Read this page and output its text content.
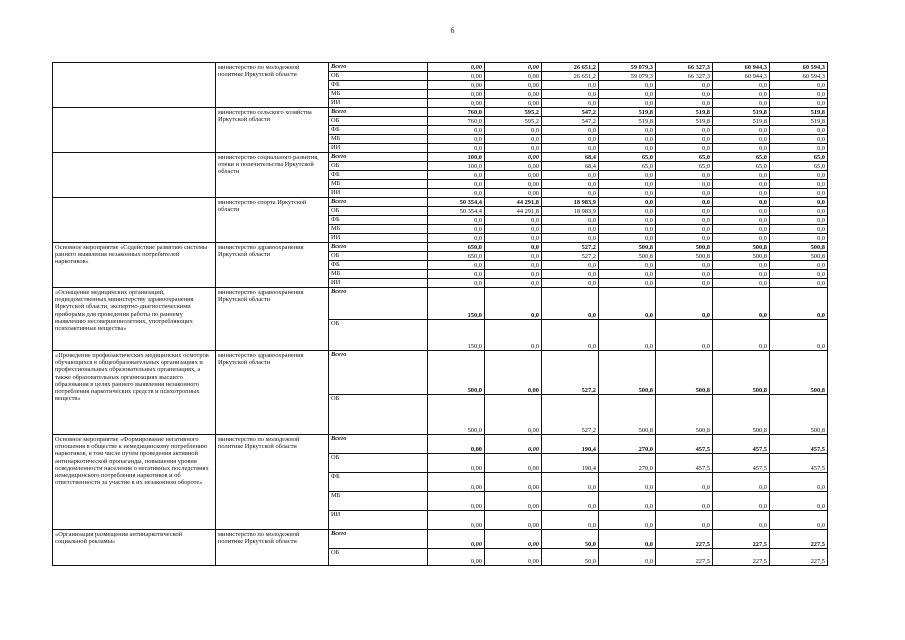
6
	министерство по молодежной политике Иркутской области	Всего	0,00	0,00	26 651,2	59 079,3	66 327,3	60 944,3	60 594,3
		ОБ	0,00	0,00	26 651,2	59 079,3	66 327,3	60 944,3	60 594,3
		ФБ	0,00	0,00	0,0	0,0	0,0	0,0	0,0
		МБ	0,00	0,00	0,0	0,0	0,0	0,0	0,0
		ИИ	0,00	0,00	0,0	0,0	0,0	0,0	0,0
	министерство сельского хозяйства Иркутской области	Всего	760,0	595,2	547,2	519,8	519,8	519,8	519,8
		ОБ	760,0	595,2	547,2	519,8	519,8	519,8	519,8
		ФБ	0,0	0,0	0,0	0,0	0,0	0,0	0,0
		МБ	0,0	0,0	0,0	0,0	0,0	0,0	0,0
		ИИ	0,0	0,0	0,0	0,0	0,0	0,0	0,0
	министерство социального развития, опеки и попечительства Иркутской области	Всего	100,0	0,00	68,4	65,0	65,0	65,0	65,0
		ОБ	100,0	0,00	68,4	65,0	65,0	65,0	65,0
		ФБ	0,0	0,00	0,0	0,0	0,0	0,0	0,0
		МБ	0,0	0,00	0,0	0,0	0,0	0,0	0,0
		ИИ	0,0	0,00	0,0	0,0	0,0	0,0	0,0
	министерство спорта Иркутской области	Всего	50 354,4	44 291,8	18 983,9	0,0	0,0	0,0	0,0
		ОБ	50 354,4	44 291,8	18 983,9	0,0	0,0	0,0	0,0
		ФБ	0,0	0,0	0,0	0,0	0,0	0,0	0,0
		МБ	0,0	0,0	0,0	0,0	0,0	0,0	0,0
		ИИ	0,0	0,0	0,0	0,0	0,0	0,0	0,0
Основное мероприятие «Содействие развитию системы раннего выявления незаконных потребителей наркотиков»	министерство здравоохранения Иркутской области	Всего	650,0	0,0	527,2	500,8	500,8	500,8	500,8
		ОБ	650,0	0,0	527,2	500,8	500,8	500,8	500,8
		ФБ	0,0	0,0	0,0	0,0	0,0	0,0	0,0
		МБ	0,0	0,0	0,0	0,0	0,0	0,0	0,0
		ИИ	0,0	0,0	0,0	0,0	0,0	0,0	0,0
«Оснащение медицинских организаций, подведомственных министерству здравоохранения Иркутской области, экспертно-диагностическими приборами для проведения работы по раннему выявлению несовершеннолетних, употребляющих психоактивные вещества»	министерство здравоохранения Иркутской области	Всего	150,0	0,0	0,0	0,0	0,0	0,0	0,0
		ОБ	150,0	0,0	0,0	0,0	0,0	0,0	0,0
«Проведение профилактических медицинских осмотров обучающихся в общеобразовательных организациях и профессиональных образовательных организациях, а также образовательных организациях высшего образования в целях раннего выявления незаконного потребления наркотических средств и психотропных веществ»	министерство здравоохранения Иркутской области	Всего	500,0	0,00	527,2	500,8	500,8	500,8	500,8
		ОБ	500,0	0,00	527,2	500,8	500,8	500,8	500,8
Основное мероприятие «Формирование негативного отношения в обществе к немедицинскому потреблению наркотиков, в том числе путем проведения активной антинаркотической пропаганды, повышения уровня осведомленности населения о негативных последствиях немедицинского потребления наркотиков и об ответственности за участие в их незаконном обороте»	министерство по молодежной политике Иркутской области	Всего	0,00	0,00	190,4	270,0	457,5	457,5	457,5
		ОБ	0,00	0,00	190,4	270,0	457,5	457,5	457,5
		ФБ	0,00	0,00	0,0	0,0	0,0	0,0	0,0
		МБ	0,00	0,00	0,0	0,0	0,0	0,0	0,0
		ИИ	0,00	0,00	0,0	0,0	0,0	0,0	0,0
«Организация размещения антинаркотической социальной рекламы»	министерство по молодежной политике Иркутской области	Всего	0,00	0,00	50,0	0,0	227,5	227,5	227,5
		ОБ	0,00	0,00	50,0	0,0	227,5	227,5	227,5
